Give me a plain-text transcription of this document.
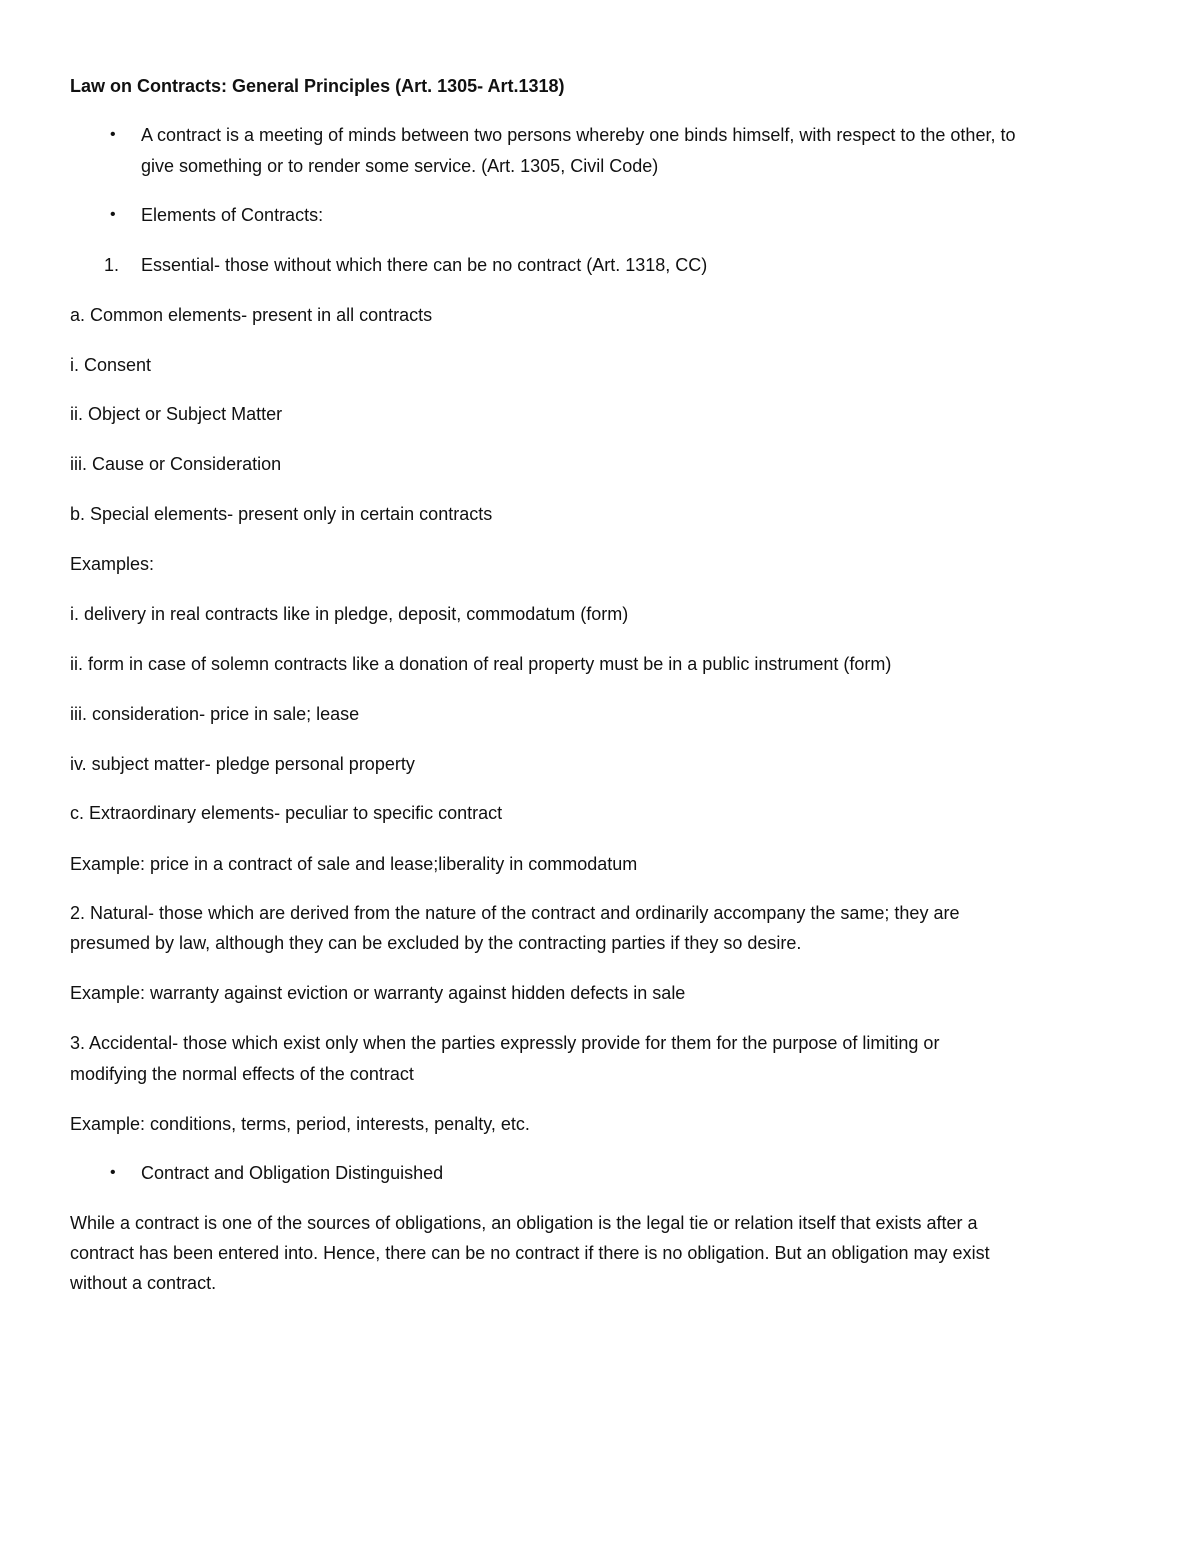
Law on Contracts: General Principles (Art. 1305- Art.1318)
• A contract is a meeting of minds between two persons whereby one binds himself, with respect to the other, to
give something or to render some service. (Art. 1305, Civil Code)
• Elements of Contracts:
1. Essential- those without which there can be no contract (Art. 1318, CC)
a. Common elements- present in all contracts
i. Consent
ii. Object or Subject Matter
iii. Cause or Consideration
b. Special elements- present only in certain contracts
Examples:
i. delivery in real contracts like in pledge, deposit, commodatum (form)
ii. form in case of solemn contracts like a donation of real property must be in a public instrument (form)
iii. consideration- price in sale; lease
iv. subject matter- pledge personal property
c. Extraordinary elements- peculiar to specific contract
Example: price in a contract of sale and lease;liberality in commodatum
2. Natural- those which are derived from the nature of the contract and ordinarily accompany the same; they are
presumed by law, although they can be excluded by the contracting parties if they so desire.
Example: warranty against eviction or warranty against hidden defects in sale
3. Accidental- those which exist only when the parties expressly provide for them for the purpose of limiting or
modifying the normal effects of the contract
Example: conditions, terms, period, interests, penalty, etc.
• Contract and Obligation Distinguished
While a contract is one of the sources of obligations, an obligation is the legal tie or relation itself that exists after a
contract has been entered into. Hence, there can be no contract if there is no obligation. But an obligation may exist
without a contract.
